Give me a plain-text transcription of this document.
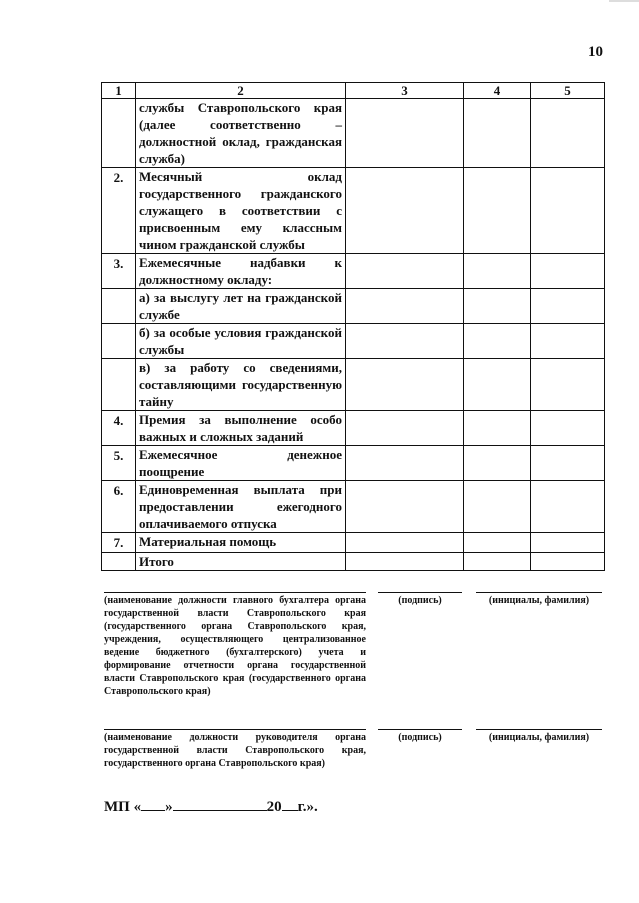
10
1	2	3	4	5
	службы Ставропольского края (далее соответственно – должностной оклад, гражданская служба)			
2.	Месячный оклад государственного гражданского служащего в соответствии с присвоенным ему классным чином гражданской службы			
3.	Ежемесячные надбавки к должностному окладу:			
	а) за выслугу лет на гражданской службе			
	б) за особые условия гражданской службы			
	в) за работу со сведениями, составляющими государственную тайну			
4.	Премия за выполнение особо важных и сложных заданий			
5.	Ежемесячное денежное поощрение			
6.	Единовременная выплата при предоставлении ежегодного оплачиваемого отпуска			
7.	Материальная помощь			
	Итого			
(наименование должности главного бухгалтера органа государственной власти Ставропольского края (государственного органа Ставропольского края, учреждения, осуществляющего централизованное ведение бюджетного (бухгалтерского) учета и формирование отчетности органа государственной власти Ставропольского края (государственного органа Ставропольского края)
(подпись)	(инициалы, фамилия)
(наименование должности руководителя органа государственной власти Ставропольского края, государственного органа Ставропольского края)
(подпись)	(инициалы, фамилия)
МП « »	20 г.».
